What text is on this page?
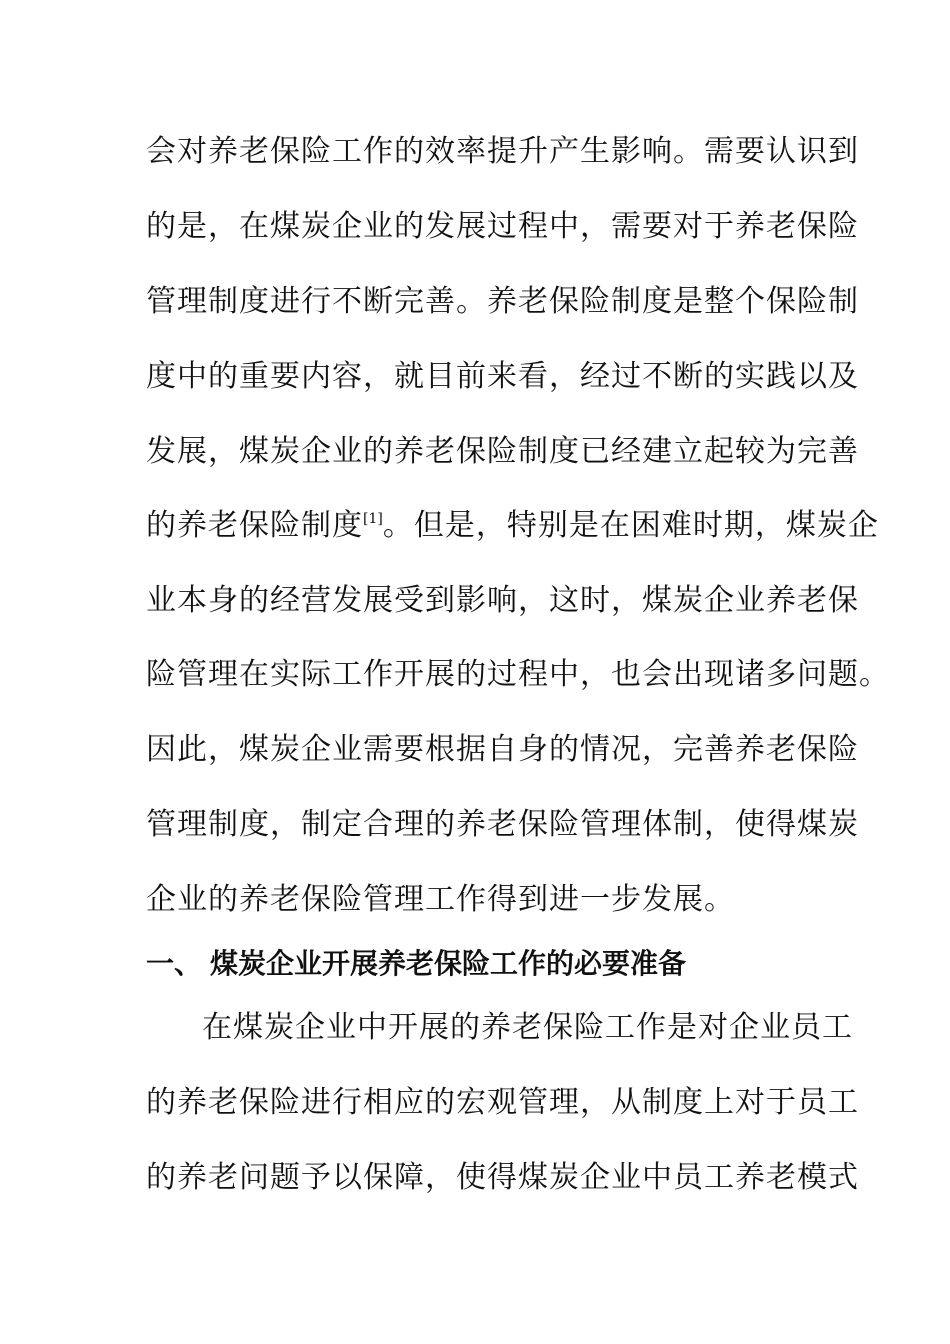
会对养老保险工作的效率提升产生影响。需要认识到
的是，在煤炭企业的发展过程中，需要对于养老保险
管理制度进行不断完善。养老保险制度是整个保险制
度中的重要内容，就目前来看，经过不断的实践以及
发展，煤炭企业的养老保险制度已经建立起较为完善
的养老保险制度[1]。但是，特别是在困难时期，煤炭企
业本身的经营发展受到影响，这时，煤炭企业养老保
险管理在实际工作开展的过程中，也会出现诸多问题。
因此，煤炭企业需要根据自身的情况，完善养老保险
管理制度，制定合理的养老保险管理体制，使得煤炭
企业的养老保险管理工作得到进一步发展。
一、 煤炭企业开展养老保险工作的必要准备
在煤炭企业中开展的养老保险工作是对企业员工
的养老保险进行相应的宏观管理，从制度上对于员工
的养老问题予以保障，使得煤炭企业中员工养老模式
